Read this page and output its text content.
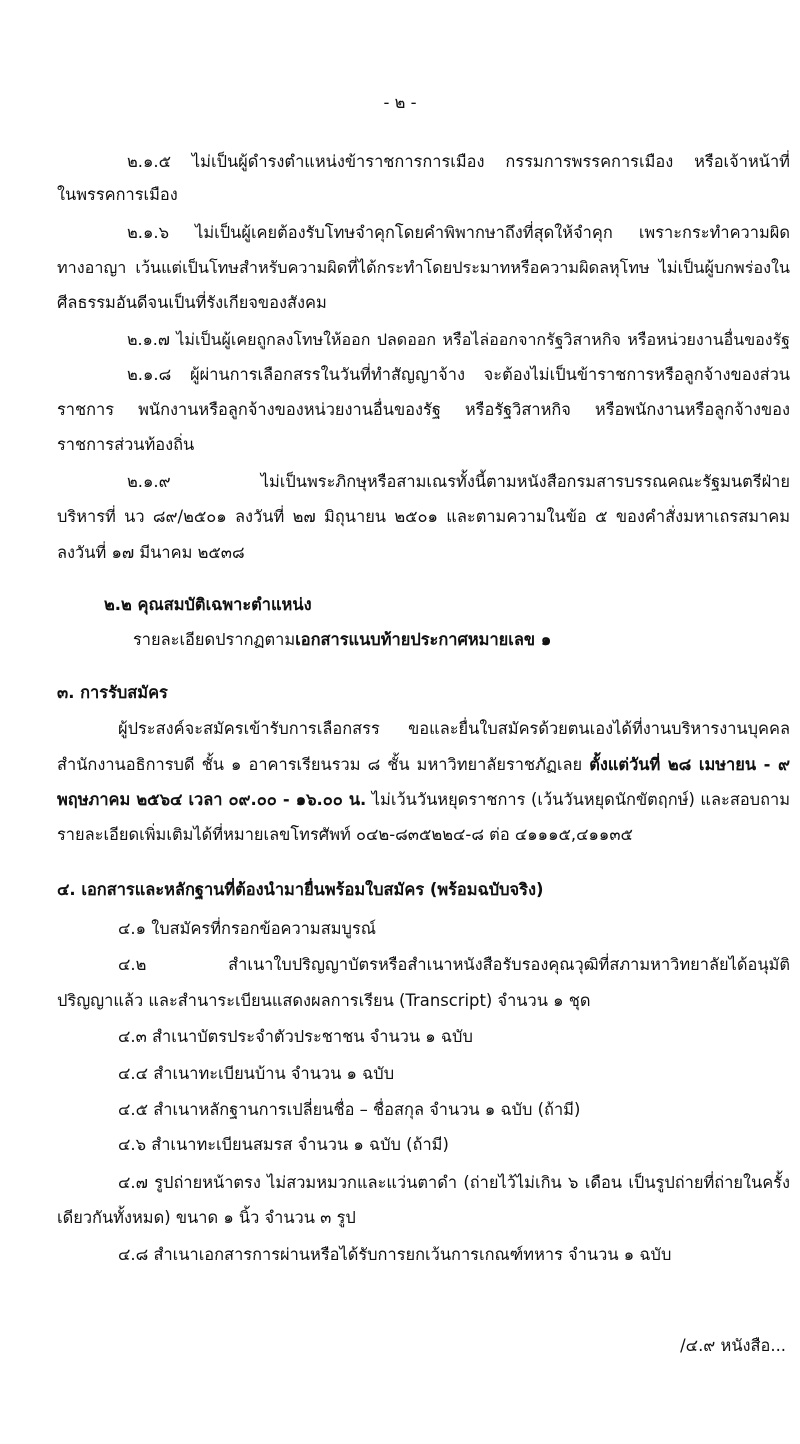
- ๒ -
๒.๑.๕ ไม่เป็นผู้ดำรงตำแหน่งข้าราชการการเมือง กรรมการพรรคการเมือง หรือเจ้าหน้าที่
ในพรรคการเมือง
๒.๑.๖ ไม่เป็นผู้เคยต้องรับโทษจำคุกโดยคำพิพากษาถึงที่สุดให้จำคุก เพราะกระทำความผิด
ทางอาญา เว้นแต่เป็นโทษสำหรับความผิดที่ได้กระทำโดยประมาทหรือความผิดลหุโทษ ไม่เป็นผู้บกพร่องใน
ศีลธรรมอันดีจนเป็นที่รังเกียจของสังคม
๒.๑.๗ ไม่เป็นผู้เคยถูกลงโทษให้ออก ปลดออก หรือไล่ออกจากรัฐวิสาหกิจ หรือหน่วยงานอื่นของรัฐ
๒.๑.๘ ผู้ผ่านการเลือกสรรในวันที่ทำสัญญาจ้าง จะต้องไม่เป็นข้าราชการหรือลูกจ้างของส่วน
ราชการ พนักงานหรือลูกจ้างของหน่วยงานอื่นของรัฐ หรือรัฐวิสาหกิจ หรือพนักงานหรือลูกจ้างของ
ราชการส่วนท้องถิ่น
๒.๑.๙ ไม่เป็นพระภิกษุหรือสามเณรทั้งนี้ตามหนังสือกรมสารบรรณคณะรัฐมนตรีฝ่าย
บริหารที่ นว ๘๙/๒๕๐๑ ลงวันที่ ๒๗ มิถุนายน ๒๕๐๑ และตามความในข้อ ๕ ของคำสั่งมหาเถรสมาคม
ลงวันที่ ๑๗ มีนาคม ๒๕๓๘
๒.๒ คุณสมบัติเฉพาะตำแหน่ง
รายละเอียดปรากฏตามเอกสารแนบท้ายประกาศหมายเลข ๑
๓. การรับสมัคร
ผู้ประสงค์จะสมัครเข้ารับการเลือกสรร ขอและยื่นใบสมัครด้วยตนเองได้ที่งานบริหารงานบุคคล
สำนักงานอธิการบดี ชั้น ๑ อาคารเรียนรวม ๘ ชั้น มหาวิทยาลัยราชภัฏเลย ตั้งแต่วันที่ ๒๘ เมษายน - ๙
พฤษภาคม ๒๕๖๔ เวลา ๐๙.๐๐ - ๑๖.๐๐ น. ไม่เว้นวันหยุดราชการ (เว้นวันหยุดนักขัตฤกษ์) และสอบถาม
รายละเอียดเพิ่มเติมได้ที่หมายเลขโทรศัพท์ ๐๔๒-๘๓๕๒๒๔-๘ ต่อ ๔๑๑๑๕,๔๑๑๓๕
๔. เอกสารและหลักฐานที่ต้องนำมายื่นพร้อมใบสมัคร (พร้อมฉบับจริง)
๔.๑ ใบสมัครที่กรอกข้อความสมบูรณ์
๔.๒ สำเนาใบปริญญาบัตรหรือสำเนาหนังสือรับรองคุณวุฒิที่สภามหาวิทยาลัยได้อนุมัติ
ปริญญาแล้ว และสำนาระเบียนแสดงผลการเรียน (Transcript) จำนวน ๑ ชุด
๔.๓ สำเนาบัตรประจำตัวประชาชน จำนวน ๑ ฉบับ
๔.๔ สำเนาทะเบียนบ้าน จำนวน ๑ ฉบับ
๔.๕ สำเนาหลักฐานการเปลี่ยนชื่อ – ชื่อสกุล จำนวน ๑ ฉบับ (ถ้ามี)
๔.๖ สำเนาทะเบียนสมรส จำนวน ๑ ฉบับ (ถ้ามี)
๔.๗ รูปถ่ายหน้าตรง ไม่สวมหมวกและแว่นตาดำ (ถ่ายไว้ไม่เกิน ๖ เดือน เป็นรูปถ่ายที่ถ่ายในครั้ง
เดียวกันทั้งหมด) ขนาด ๑ นิ้ว จำนวน ๓ รูป
๔.๘ สำเนาเอกสารการผ่านหรือได้รับการยกเว้นการเกณฑ์ทหาร จำนวน ๑ ฉบับ
/๔.๙ หนังสือ...
